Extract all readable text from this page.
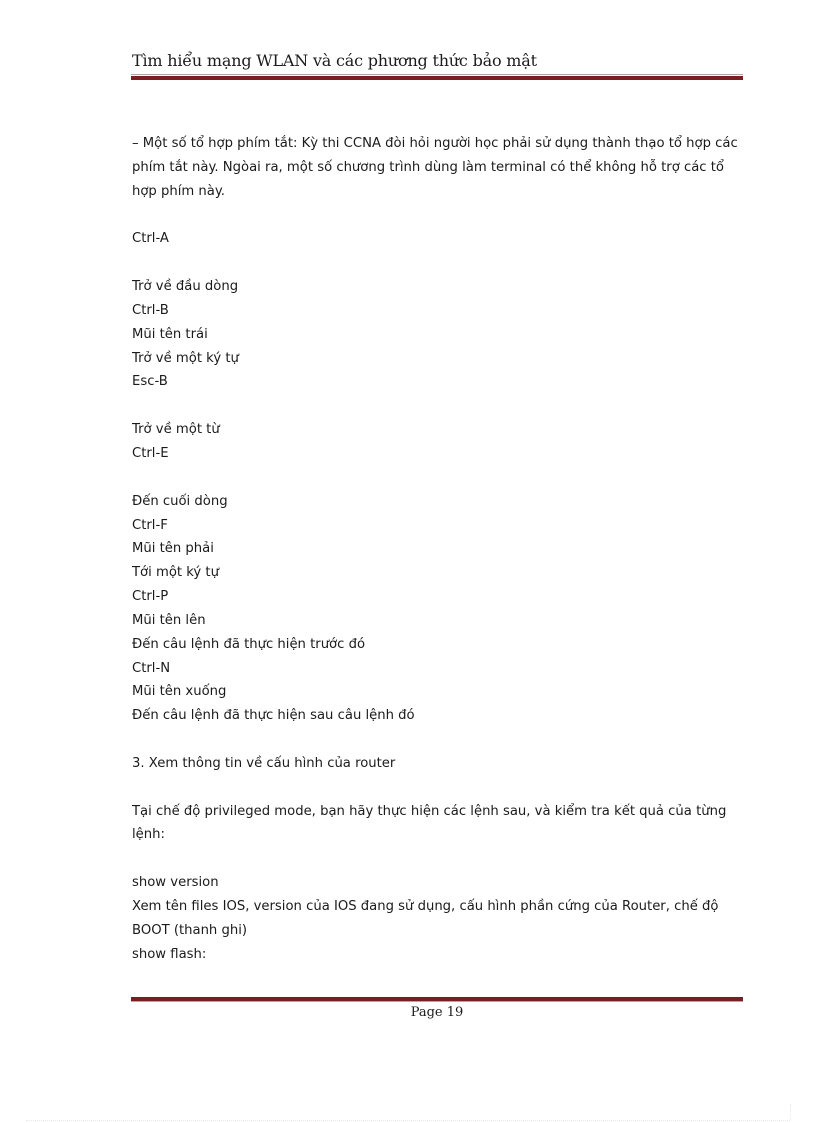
Tìm hiểu mạng WLAN và các phương thức bảo mật
– Một số tổ hợp phím tắt: Kỳ thi CCNA đòi hỏi người học phải sử dụng thành thạo tổ hợp các
phím tắt này. Ngòai ra, một số chương trình dùng làm terminal có thể không hỗ trợ các tổ
hợp phím này.
Ctrl-A
Trở về đầu dòng
Ctrl-B
Mũi tên trái
Trở về một ký tự
Esc-B
Trở về một từ
Ctrl-E
Đến cuối dòng
Ctrl-F
Mũi tên phải
Tới một ký tự
Ctrl-P
Mũi tên lên
Đến câu lệnh đã thực hiện trước đó
Ctrl-N
Mũi tên xuống
Đến câu lệnh đã thực hiện sau câu lệnh đó
3. Xem thông tin về cấu hình của router
Tại chế độ privileged mode, bạn hãy thực hiện các lệnh sau, và kiểm tra kết quả của từng
lệnh:
show version
Xem tên files IOS, version của IOS đang sử dụng, cấu hình phần cứng của Router, chế độ
BOOT (thanh ghi)
show flash:
Page 19
